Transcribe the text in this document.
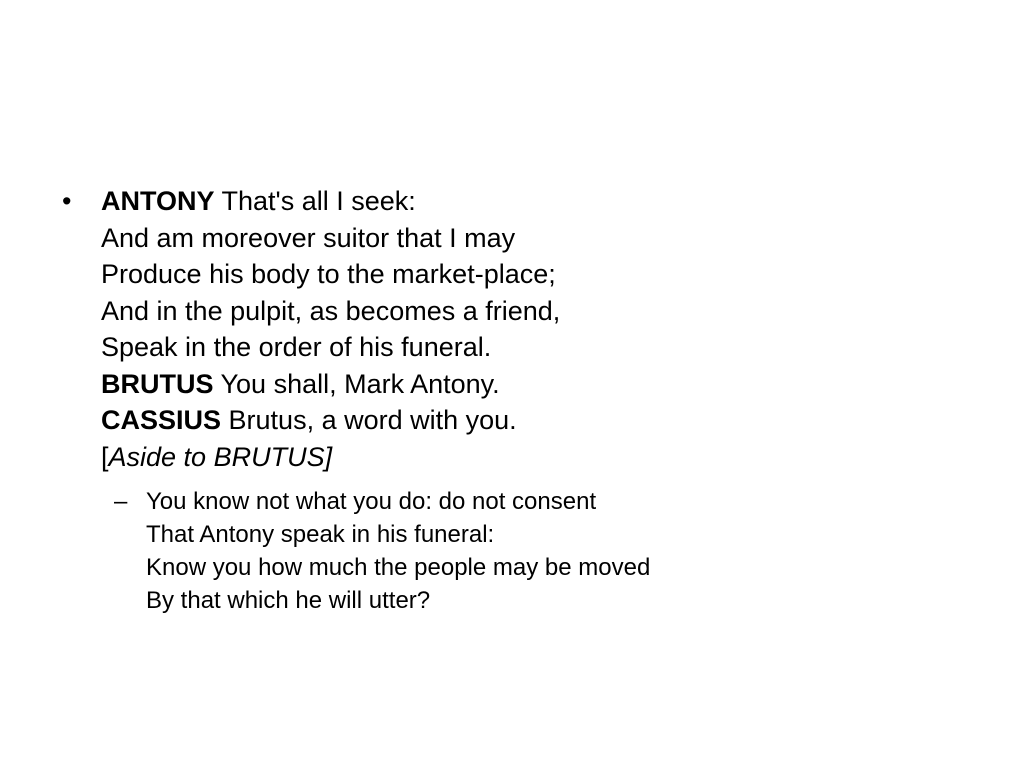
•	ANTONY That's all I seek:
And am moreover suitor that I may
Produce his body to the market-place;
And in the pulpit, as becomes a friend,
Speak in the order of his funeral.
BRUTUS You shall, Mark Antony.
CASSIUS Brutus, a word with you.
[Aside to BRUTUS]
– You know not what you do: do not consent
That Antony speak in his funeral:
Know you how much the people may be moved
By that which he will utter?
